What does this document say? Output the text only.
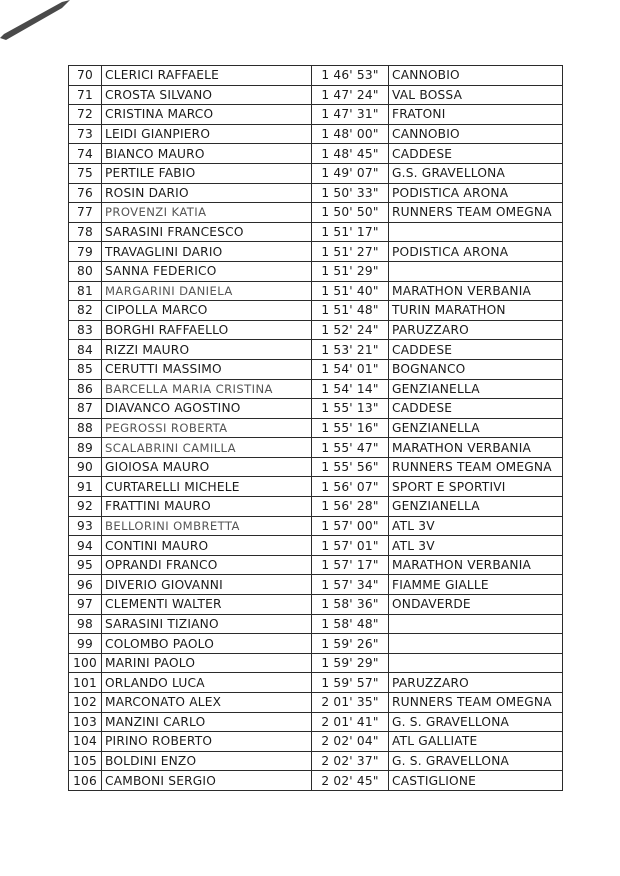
70	CLERICI RAFFAELE	1 46' 53"	CANNOBIO
71	CROSTA SILVANO	1 47' 24"	VAL BOSSA
72	CRISTINA MARCO	1 47' 31"	FRATONI
73	LEIDI GIANPIERO	1 48' 00"	CANNOBIO
74	BIANCO MAURO	1 48' 45"	CADDESE
75	PERTILE FABIO	1 49' 07"	G.S. GRAVELLONA
76	ROSIN DARIO	1 50' 33"	PODISTICA ARONA
77	PROVENZI KATIA	1 50' 50"	RUNNERS TEAM OMEGNA
78	SARASINI FRANCESCO	1 51' 17"	
79	TRAVAGLINI DARIO	1 51' 27"	PODISTICA ARONA
80	SANNA FEDERICO	1 51' 29"	
81	MARGARINI DANIELA	1 51' 40"	MARATHON VERBANIA
82	CIPOLLA MARCO	1 51' 48"	TURIN MARATHON
83	BORGHI RAFFAELLO	1 52' 24"	PARUZZARO
84	RIZZI MAURO	1 53' 21"	CADDESE
85	CERUTTI MASSIMO	1 54' 01"	BOGNANCO
86	BARCELLA MARIA CRISTINA	1 54' 14"	GENZIANELLA
87	DIAVANCO AGOSTINO	1 55' 13"	CADDESE
88	PEGROSSI ROBERTA	1 55' 16"	GENZIANELLA
89	SCALABRINI CAMILLA	1 55' 47"	MARATHON VERBANIA
90	GIOIOSA MAURO	1 55' 56"	RUNNERS TEAM OMEGNA
91	CURTARELLI MICHELE	1 56' 07"	SPORT E SPORTIVI
92	FRATTINI MAURO	1 56' 28"	GENZIANELLA
93	BELLORINI OMBRETTA	1 57' 00"	ATL 3V
94	CONTINI MAURO	1 57' 01"	ATL 3V
95	OPRANDI FRANCO	1 57' 17"	MARATHON VERBANIA
96	DIVERIO GIOVANNI	1 57' 34"	FIAMME GIALLE
97	CLEMENTI WALTER	1 58' 36"	ONDAVERDE
98	SARASINI TIZIANO	1 58' 48"	
99	COLOMBO PAOLO	1 59' 26"	
100	MARINI PAOLO	1 59' 29"	
101	ORLANDO LUCA	1 59' 57"	PARUZZARO
102	MARCONATO ALEX	2 01' 35"	RUNNERS TEAM OMEGNA
103	MANZINI CARLO	2 01' 41"	G. S. GRAVELLONA
104	PIRINO ROBERTO	2 02' 04"	ATL GALLIATE
105	BOLDINI ENZO	2 02' 37"	G. S. GRAVELLONA
106	CAMBONI SERGIO	2 02' 45"	CASTIGLIONE
